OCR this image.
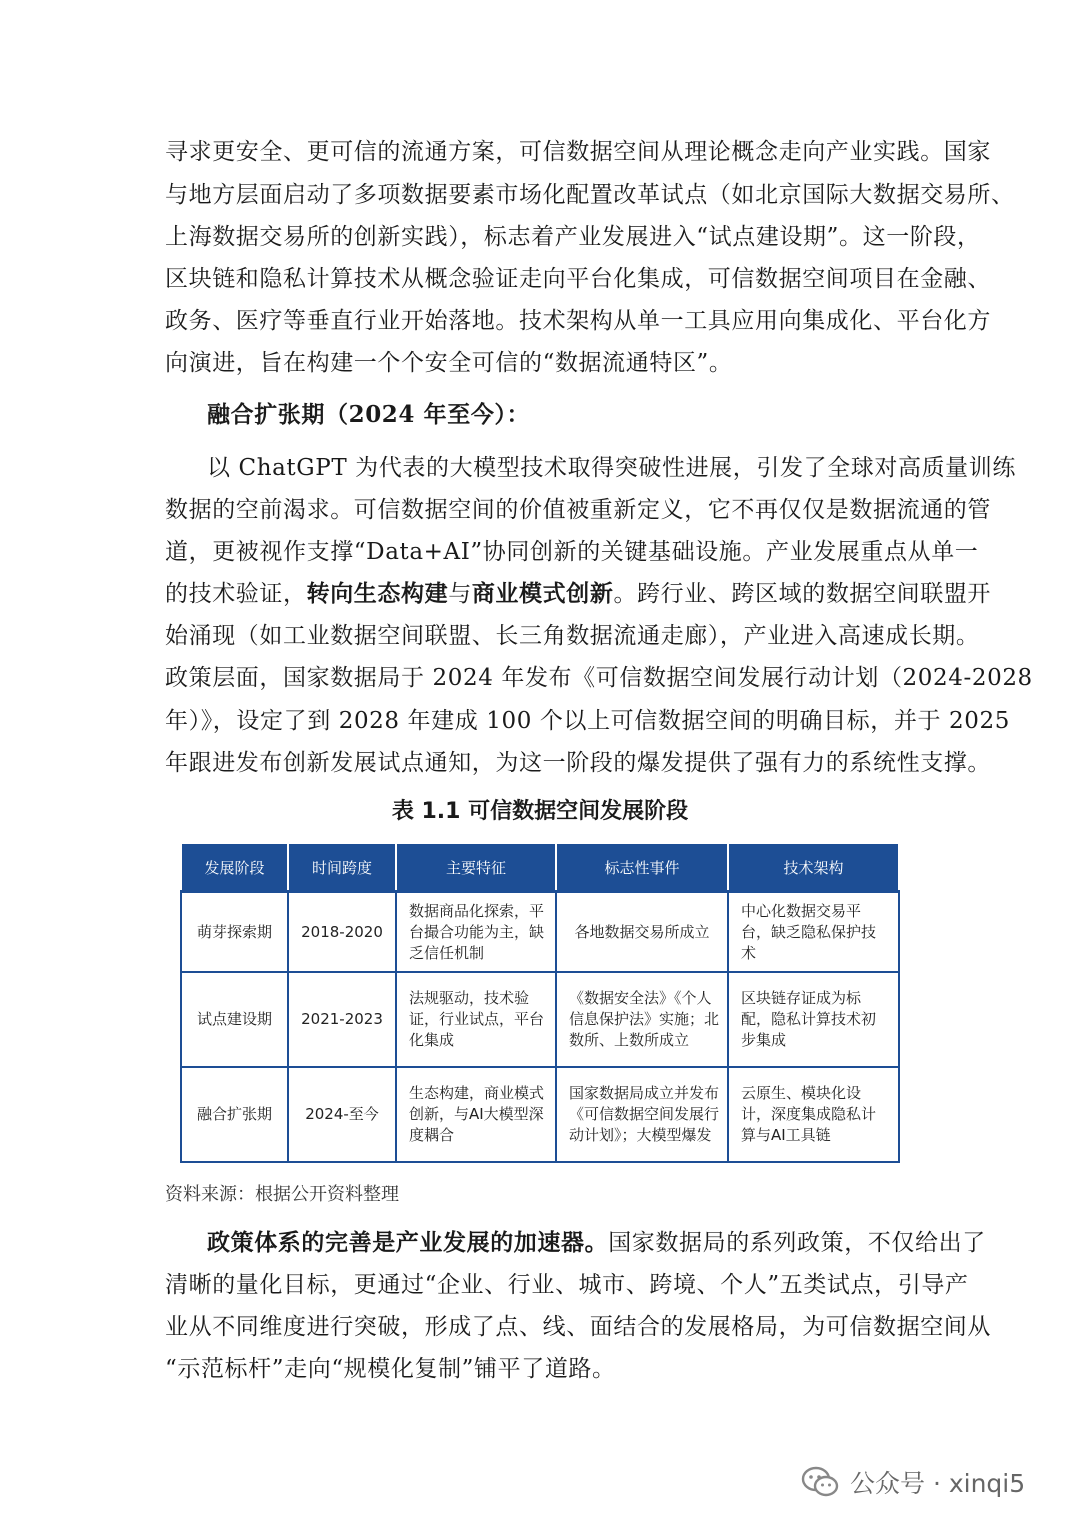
寻求更安全、更可信的流通方案，可信数据空间从理论概念走向产业实践。国家
与地方层面启动了多项数据要素市场化配置改革试点（如北京国际大数据交易所、
上海数据交易所的创新实践），标志着产业发展进入“试点建设期”。这一阶段，
区块链和隐私计算技术从概念验证走向平台化集成，可信数据空间项目在金融、
政务、医疗等垂直行业开始落地。技术架构从单一工具应用向集成化、平台化方
向演进，旨在构建一个个安全可信的“数据流通特区”。
融合扩张期（2024 年至今）：
以 ChatGPT 为代表的大模型技术取得突破性进展，引发了全球对高质量训练
数据的空前渴求。可信数据空间的价值被重新定义，它不再仅仅是数据流通的管
道，更被视作支撑“Data+AI”协同创新的关键基础设施。产业发展重点从单一
的技术验证，转向生态构建与商业模式创新。跨行业、跨区域的数据空间联盟开
始涌现（如工业数据空间联盟、长三角数据流通走廊），产业进入高速成长期。
政策层面，国家数据局于 2024 年发布《可信数据空间发展行动计划（2024-2028
年）》，设定了到 2028 年建成 100 个以上可信数据空间的明确目标，并于 2025
年跟进发布创新发展试点通知，为这一阶段的爆发提供了强有力的系统性支撑。
表 1.1 可信数据空间发展阶段
发展阶段	时间跨度	主要特征	标志性事件	技术架构
萌芽探索期	2018-2020	数据商品化探索，平台撮合功能为主，缺乏信任机制	各地数据交易所成立	中心化数据交易平台，缺乏隐私保护技术
试点建设期	2021-2023	法规驱动，技术验证，行业试点，平台化集成	《数据安全法》《个人信息保护法》实施；北数所、上数所成立	区块链存证成为标配，隐私计算技术初步集成
融合扩张期	2024-至今	生态构建，商业模式创新，与AI大模型深度耦合	国家数据局成立并发布《可信数据空间发展行动计划》；大模型爆发	云原生、模块化设计，深度集成隐私计算与AI工具链
资料来源：根据公开资料整理
政策体系的完善是产业发展的加速器。国家数据局的系列政策，不仅给出了
清晰的量化目标，更通过“企业、行业、城市、跨境、个人”五类试点，引导产
业从不同维度进行突破，形成了点、线、面结合的发展格局，为可信数据空间从
“示范标杆”走向“规模化复制”铺平了道路。
公众号 · xinqi5
